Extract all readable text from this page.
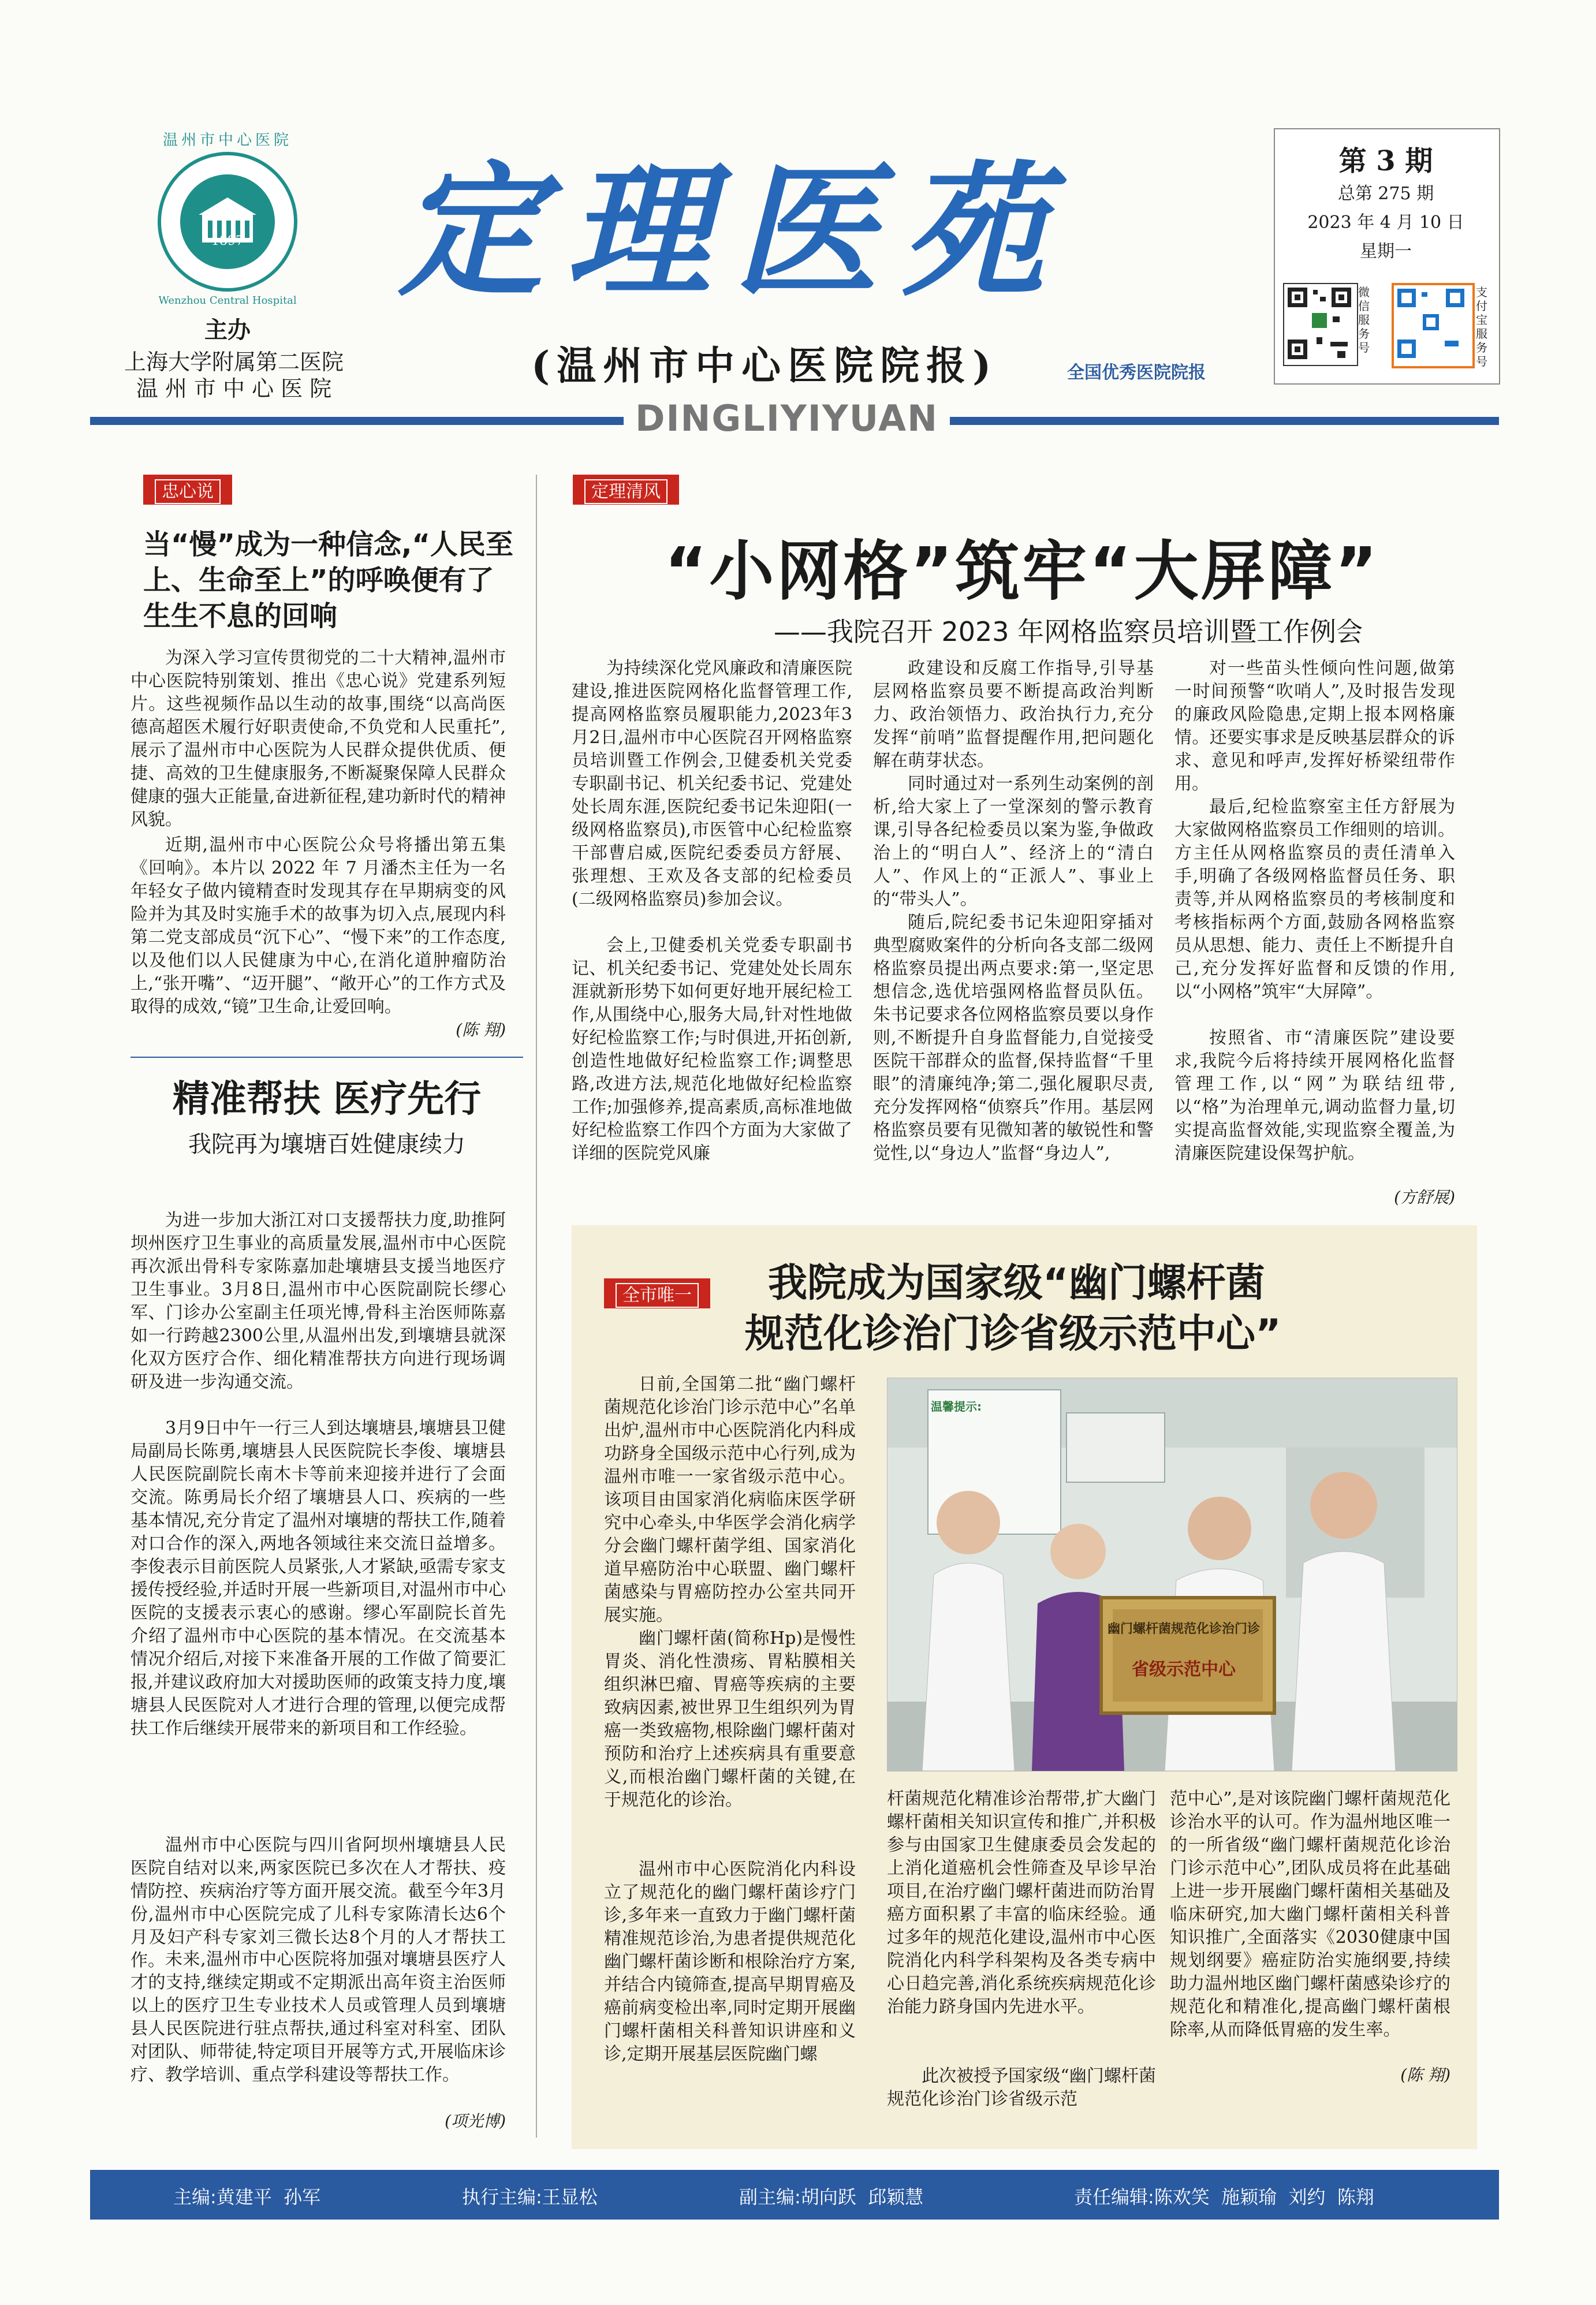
温州市中心医院
Wenzhou Central Hospital
1897
主办
上海大学附属第二医院
温 州 市 中 心 医 院
定理医苑
(温州市中心医院院报)	全国优秀医院院报
DINGLIYIYUAN
第 3 期
总第 275 期
2023 年 4 月 10 日
星期一
微信服务号
支付宝服务号
忠心说
当“慢”成为一种信念,“人民至上、生命至上”的呼唤便有了生生不息的回响
为深入学习宣传贯彻党的二十大精神,温州市中心医院特别策划、推出《忠心说》党建系列短片。这些视频作品以生动的故事,围绕“以高尚医德高超医术履行好职责使命,不负党和人民重托”,展示了温州市中心医院为人民群众提供优质、便捷、高效的卫生健康服务,不断凝聚保障人民群众健康的强大正能量,奋进新征程,建功新时代的精神风貌。
近期,温州市中心医院公众号将播出第五集《回响》。本片以 2022 年 7 月潘杰主任为一名年轻女子做内镜精查时发现其存在早期病变的风险并为其及时实施手术的故事为切入点,展现内科第二党支部成员“沉下心”、“慢下来”的工作态度,以及他们以人民健康为中心,在消化道肿瘤防治上,“张开嘴”、“迈开腿”、“敞开心”的工作方式及取得的成效,“镜”卫生命,让爱回响。
(陈 翔)
精准帮扶 医疗先行
我院再为壤塘百姓健康续力
为进一步加大浙江对口支援帮扶力度,助推阿坝州医疗卫生事业的高质量发展,温州市中心医院再次派出骨科专家陈嘉加赴壤塘县支援当地医疗卫生事业。3月8日,温州市中心医院副院长缪心军、门诊办公室副主任项光博,骨科主治医师陈嘉如一行跨越2300公里,从温州出发,到壤塘县就深化双方医疗合作、细化精准帮扶方向进行现场调研及进一步沟通交流。
3月9日中午一行三人到达壤塘县,壤塘县卫健局副局长陈勇,壤塘县人民医院院长李俊、壤塘县人民医院副院长南木卡等前来迎接并进行了会面交流。陈勇局长介绍了壤塘县人口、疾病的一些基本情况,充分肯定了温州对壤塘的帮扶工作,随着对口合作的深入,两地各领域往来交流日益增多。李俊表示目前医院人员紧张,人才紧缺,亟需专家支援传授经验,并适时开展一些新项目,对温州市中心医院的支援表示衷心的感谢。缪心军副院长首先介绍了温州市中心医院的基本情况。在交流基本情况介绍后,对接下来准备开展的工作做了简要汇报,并建议政府加大对援助医师的政策支持力度,壤塘县人民医院对人才进行合理的管理,以便完成帮扶工作后继续开展带来的新项目和工作经验。
温州市中心医院与四川省阿坝州壤塘县人民医院自结对以来,两家医院已多次在人才帮扶、疫情防控、疾病治疗等方面开展交流。截至今年3月份,温州市中心医院完成了儿科专家陈清长达6个月及妇产科专家刘三微长达8个月的人才帮扶工作。 未来,温州市中心医院将加强对壤塘县医疗人才的支持,继续定期或不定期派出高年资主治医师以上的医疗卫生专业技术人员或管理人员到壤塘县人民医院进行驻点帮扶,通过科室对科室、团队对团队、师带徒,特定项目开展等方式,开展临床诊疗、教学培训、重点学科建设等帮扶工作。
(项光博)
定理清风
“小网格”筑牢“大屏障”
——我院召开 2023 年网格监察员培训暨工作例会
为持续深化党风廉政和清廉医院建设,推进医院网格化监督管理工作,提高网格监察员履职能力,2023年3月2日,温州市中心医院召开网格监察员培训暨工作例会,卫健委机关党委专职副书记、机关纪委书记、党建处处长周东涯,医院纪委书记朱迎阳(一级网格监察员),市医管中心纪检监察干部曹启威,医院纪委委员方舒展、张理想、王欢及各支部的纪检委员(二级网格监察员)参加会议。
会上,卫健委机关党委专职副书记、机关纪委书记、党建处处长周东涯就新形势下如何更好地开展纪检工作,从围绕中心,服务大局,针对性地做好纪检监察工作;与时俱进,开拓创新,创造性地做好纪检监察工作;调整思路,改进方法,规范化地做好纪检监察工作;加强修养,提高素质,高标准地做好纪检监察工作四个方面为大家做了详细的医院党风廉
政建设和反腐工作指导,引导基层网格监察员要不断提高政治判断力、政治领悟力、政治执行力,充分发挥“前哨”监督提醒作用,把问题化解在萌芽状态。
同时通过对一系列生动案例的剖析,给大家上了一堂深刻的警示教育课,引导各纪检委员以案为鉴,争做政治上的“明白人”、经济上的“清白人”、作风上的“正派人”、事业上的“带头人”。
随后,院纪委书记朱迎阳穿插对典型腐败案件的分析向各支部二级网格监察员提出两点要求:第一,坚定思想信念,选优培强网格监督员队伍。朱书记要求各位网格监察员要以身作则,不断提升自身监督能力,自觉接受医院干部群众的监督,保持监督“千里眼”的清廉纯净;第二,强化履职尽责,充分发挥网格“侦察兵”作用。基层网格监察员要有见微知著的敏锐性和警觉性,以“身边人”监督“身边人”,
对一些苗头性倾向性问题,做第一时间预警“吹哨人”,及时报告发现的廉政风险隐患,定期上报本网格廉情。还要实事求是反映基层群众的诉求、意见和呼声,发挥好桥梁纽带作用。
最后,纪检监察室主任方舒展为大家做网格监察员工作细则的培训。方主任从网格监察员的责任清单入手,明确了各级网格监督员任务、职责等,并从网格监察员的考核制度和考核指标两个方面,鼓励各网格监察员从思想、能力、责任上不断提升自己,充分发挥好监督和反馈的作用,以“小网格”筑牢“大屏障”。
按照省、市“清廉医院”建设要求,我院今后将持续开展网格化监督管理工作,以“网”为联结纽带,以“格”为治理单元,调动监督力量,切实提高监督效能,实现监察全覆盖,为清廉医院建设保驾护航。
(方舒展)
全市唯一	我院成为国家级“幽门螺杆菌
规范化诊治门诊省级示范中心”
日前,全国第二批“幽门螺杆菌规范化诊治门诊示范中心”名单出炉,温州市中心医院消化内科成功跻身全国级示范中心行列,成为温州市唯一一家省级示范中心。该项目由国家消化病临床医学研究中心牵头,中华医学会消化病学分会幽门螺杆菌学组、国家消化道早癌防治中心联盟、幽门螺杆菌感染与胃癌防控办公室共同开展实施。
幽门螺杆菌(简称Hp)是慢性胃炎、消化性溃疡、胃粘膜相关组织淋巴瘤、胃癌等疾病的主要致病因素,被世界卫生组织列为胃癌一类致癌物,根除幽门螺杆菌对预防和治疗上述疾病具有重要意义,而根治幽门螺杆菌的关键,在于规范化的诊治。
温州市中心医院消化内科设立了规范化的幽门螺杆菌诊疗门诊,多年来一直致力于幽门螺杆菌精准规范诊治,为患者提供规范化幽门螺杆菌诊断和根除治疗方案,并结合内镜筛查,提高早期胃癌及癌前病变检出率,同时定期开展幽门螺杆菌相关科普知识讲座和义诊,定期开展基层医院幽门螺
温馨提示:
幽门螺杆菌规范化诊治门诊
省级示范中心
杆菌规范化精准诊治帮带,扩大幽门螺杆菌相关知识宣传和推广,并积极参与由国家卫生健康委员会发起的上消化道癌机会性筛查及早诊早治项目,在治疗幽门螺杆菌进而防治胃癌方面积累了丰富的临床经验。通过多年的规范化建设,温州市中心医院消化内科学科架构及各类专病中心日趋完善,消化系统疾病规范化诊治能力跻身国内先进水平。
此次被授予国家级“幽门螺杆菌规范化诊治门诊省级示范
范中心”,是对该院幽门螺杆菌规范化诊治水平的认可。作为温州地区唯一的一所省级“幽门螺杆菌规范化诊治门诊示范中心”,团队成员将在此基础上进一步开展幽门螺杆菌相关基础及临床研究,加大幽门螺杆菌相关科普知识推广,全面落实《2030健康中国规划纲要》癌症防治实施纲要,持续助力温州地区幽门螺杆菌感染诊疗的规范化和精准化,提高幽门螺杆菌根除率,从而降低胃癌的发生率。
(陈 翔)
主编:黄建平  孙军	执行主编:王显松	副主编:胡向跃  邱颖慧	责任编辑:陈欢笑  施颖瑜  刘约  陈翔
